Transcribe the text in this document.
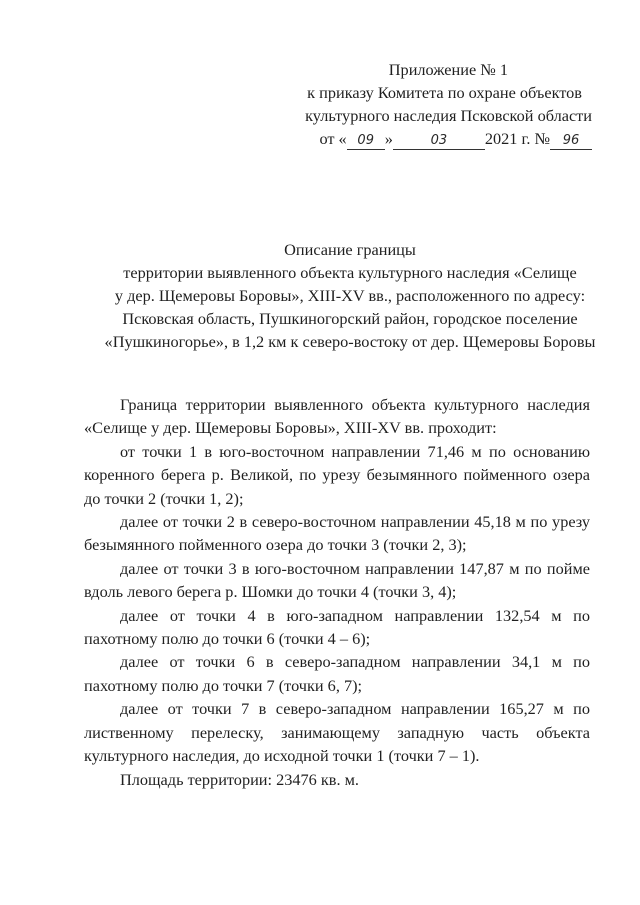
Приложение № 1
к приказу Комитета по охране объектов
культурного наследия Псковской области
от « 09 »	03 2021 г. № 96
Описание границы
территории выявленного объекта культурного наследия «Селище
у дер. Щемеровы Боровы», XIII-XV вв., расположенного по адресу:
Псковская область, Пушкиногорский район, городское поселение
«Пушкиногорье», в 1,2 км к северо-востоку от дер. Щемеровы Боровы

Граница территории выявленного объекта культурного наследия «Селище у дер. Щемеровы Боровы», XIII-XV вв. проходит:

от точки 1 в юго-восточном направлении 71,46 м по основанию коренного берега р. Великой, по урезу безымянного пойменного озера до точки 2 (точки 1, 2);

далее от точки 2 в северо-восточном направлении 45,18 м по урезу безымянного пойменного озера до точки 3 (точки 2, 3);

далее от точки 3 в юго-восточном направлении 147,87 м по пойме вдоль левого берега р. Шомки до точки 4 (точки 3, 4);

далее от точки 4 в юго-западном направлении 132,54 м по пахотному полю до точки 6 (точки 4 – 6);

далее от точки 6 в северо-западном направлении 34,1 м по пахотному полю до точки 7 (точки 6, 7);

далее от точки 7 в северо-западном направлении 165,27 м по лиственному перелеску, занимающему западную часть объекта культурного наследия, до исходной точки 1 (точки 7 – 1).

Площадь территории: 23476 кв. м.
